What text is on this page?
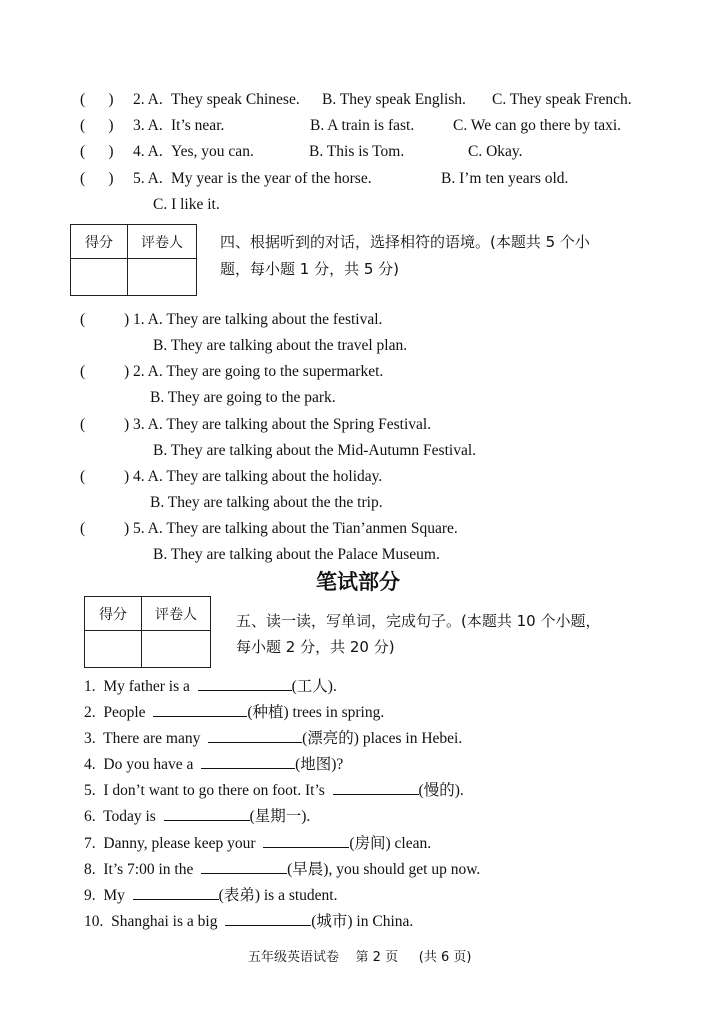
(      ) 2. A. They speak Chinese. B. They speak English. C. They speak French.
(      ) 3. A. It’s near.	B. A train is fast.	C. We can go there by taxi.
(      ) 4. A. Yes, you can.	B. This is Tom.	C. Okay.
(      ) 5. A. My year is the year of the horse.	B. I’m ten years old.
C. I like it.
得分	评卷人
	四、根据听到的对话，选择相符的语境。(本题共 5 个小
题，每小题 1 分，共 5 分)
( ) 1. A. They are talking about the festival.
B. They are talking about the travel plan.
( ) 2. A. They are going to the supermarket.
B. They are going to the park.
( ) 3. A. They are talking about the Spring Festival.
B. They are talking about the Mid-Autumn Festival.
( ) 4. A. They are talking about the holiday.
B. They are talking about the the trip.
( ) 5. A. They are talking about the Tian’anmen Square.
B. They are talking about the Palace Museum.
笔试部分
得分	评卷人
		五、读一读，写单词，完成句子。(本题共 10 个小题，
每小题 2 分，共 20 分)
1. My father is a	(工人).
2. People	(种植) trees in spring.
3. There are many	(漂亮的) places in Hebei.
4. Do you have a	(地图)?
5. I don’t want to go there on foot. It’s	(慢的).
6. Today is	(星期一).
7. Danny, please keep your	(房间) clean.
8. It’s 7:00 in the	(早晨), you should get up now.
9. My	(表弟) is a student.
10. Shanghai is a big	(城市) in China.
五年级英语试卷 第 2 页 (共 6 页)
